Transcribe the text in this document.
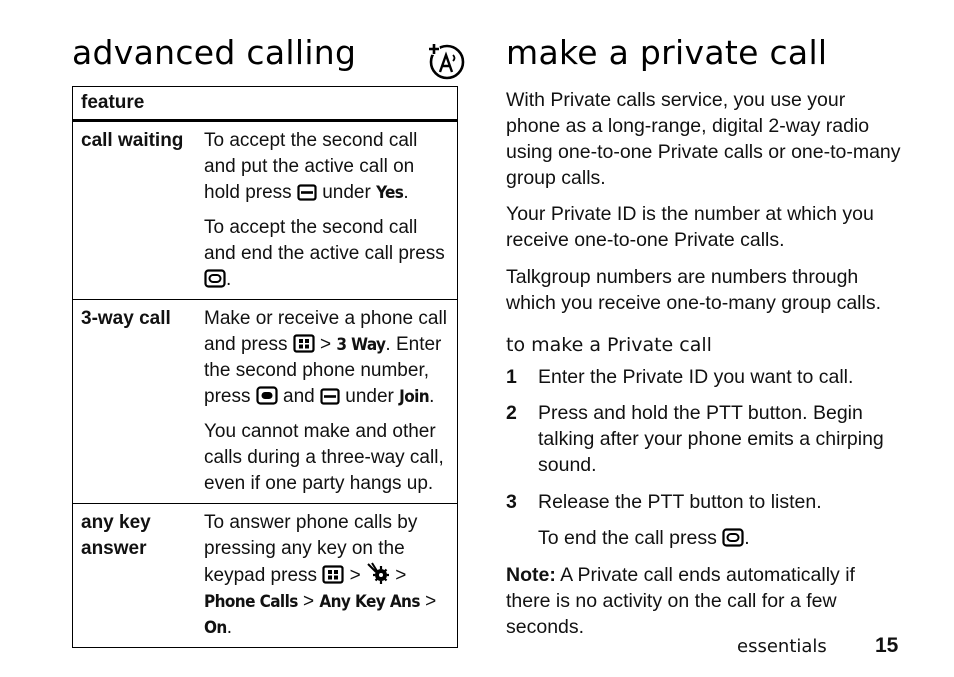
advanced calling
feature	
call waiting	To accept the second call and put the active call on hold press  under Yes.

To accept the second call and end the active call press .

3-way call	Make or receive a phone call and press  > 3 Way. Enter the second phone number, press  and  under Join.

You cannot make and other calls during a three-way call, even if one party hangs up.

any key
answer	To answer phone calls by pressing any key on the keypad press  >  > Phone Calls > Any Key Ans > On.

make a private call

With Private calls service, you use your phone as a long-range, digital 2-way radio using one-to-one Private calls or one-to-many group calls.

Your Private ID is the number at which you receive one-to-one Private calls.

Talkgroup numbers are numbers through which you receive one-to-many group calls.

to make a Private call
1 Enter the Private ID you want to call.
2 Press and hold the PTT button. Begin talking after your phone emits a chirping sound.
3 Release the PTT button to listen.
To end the call press .

Note: A Private call ends automatically if there is no activity on the call for a few seconds.

essentials 15
